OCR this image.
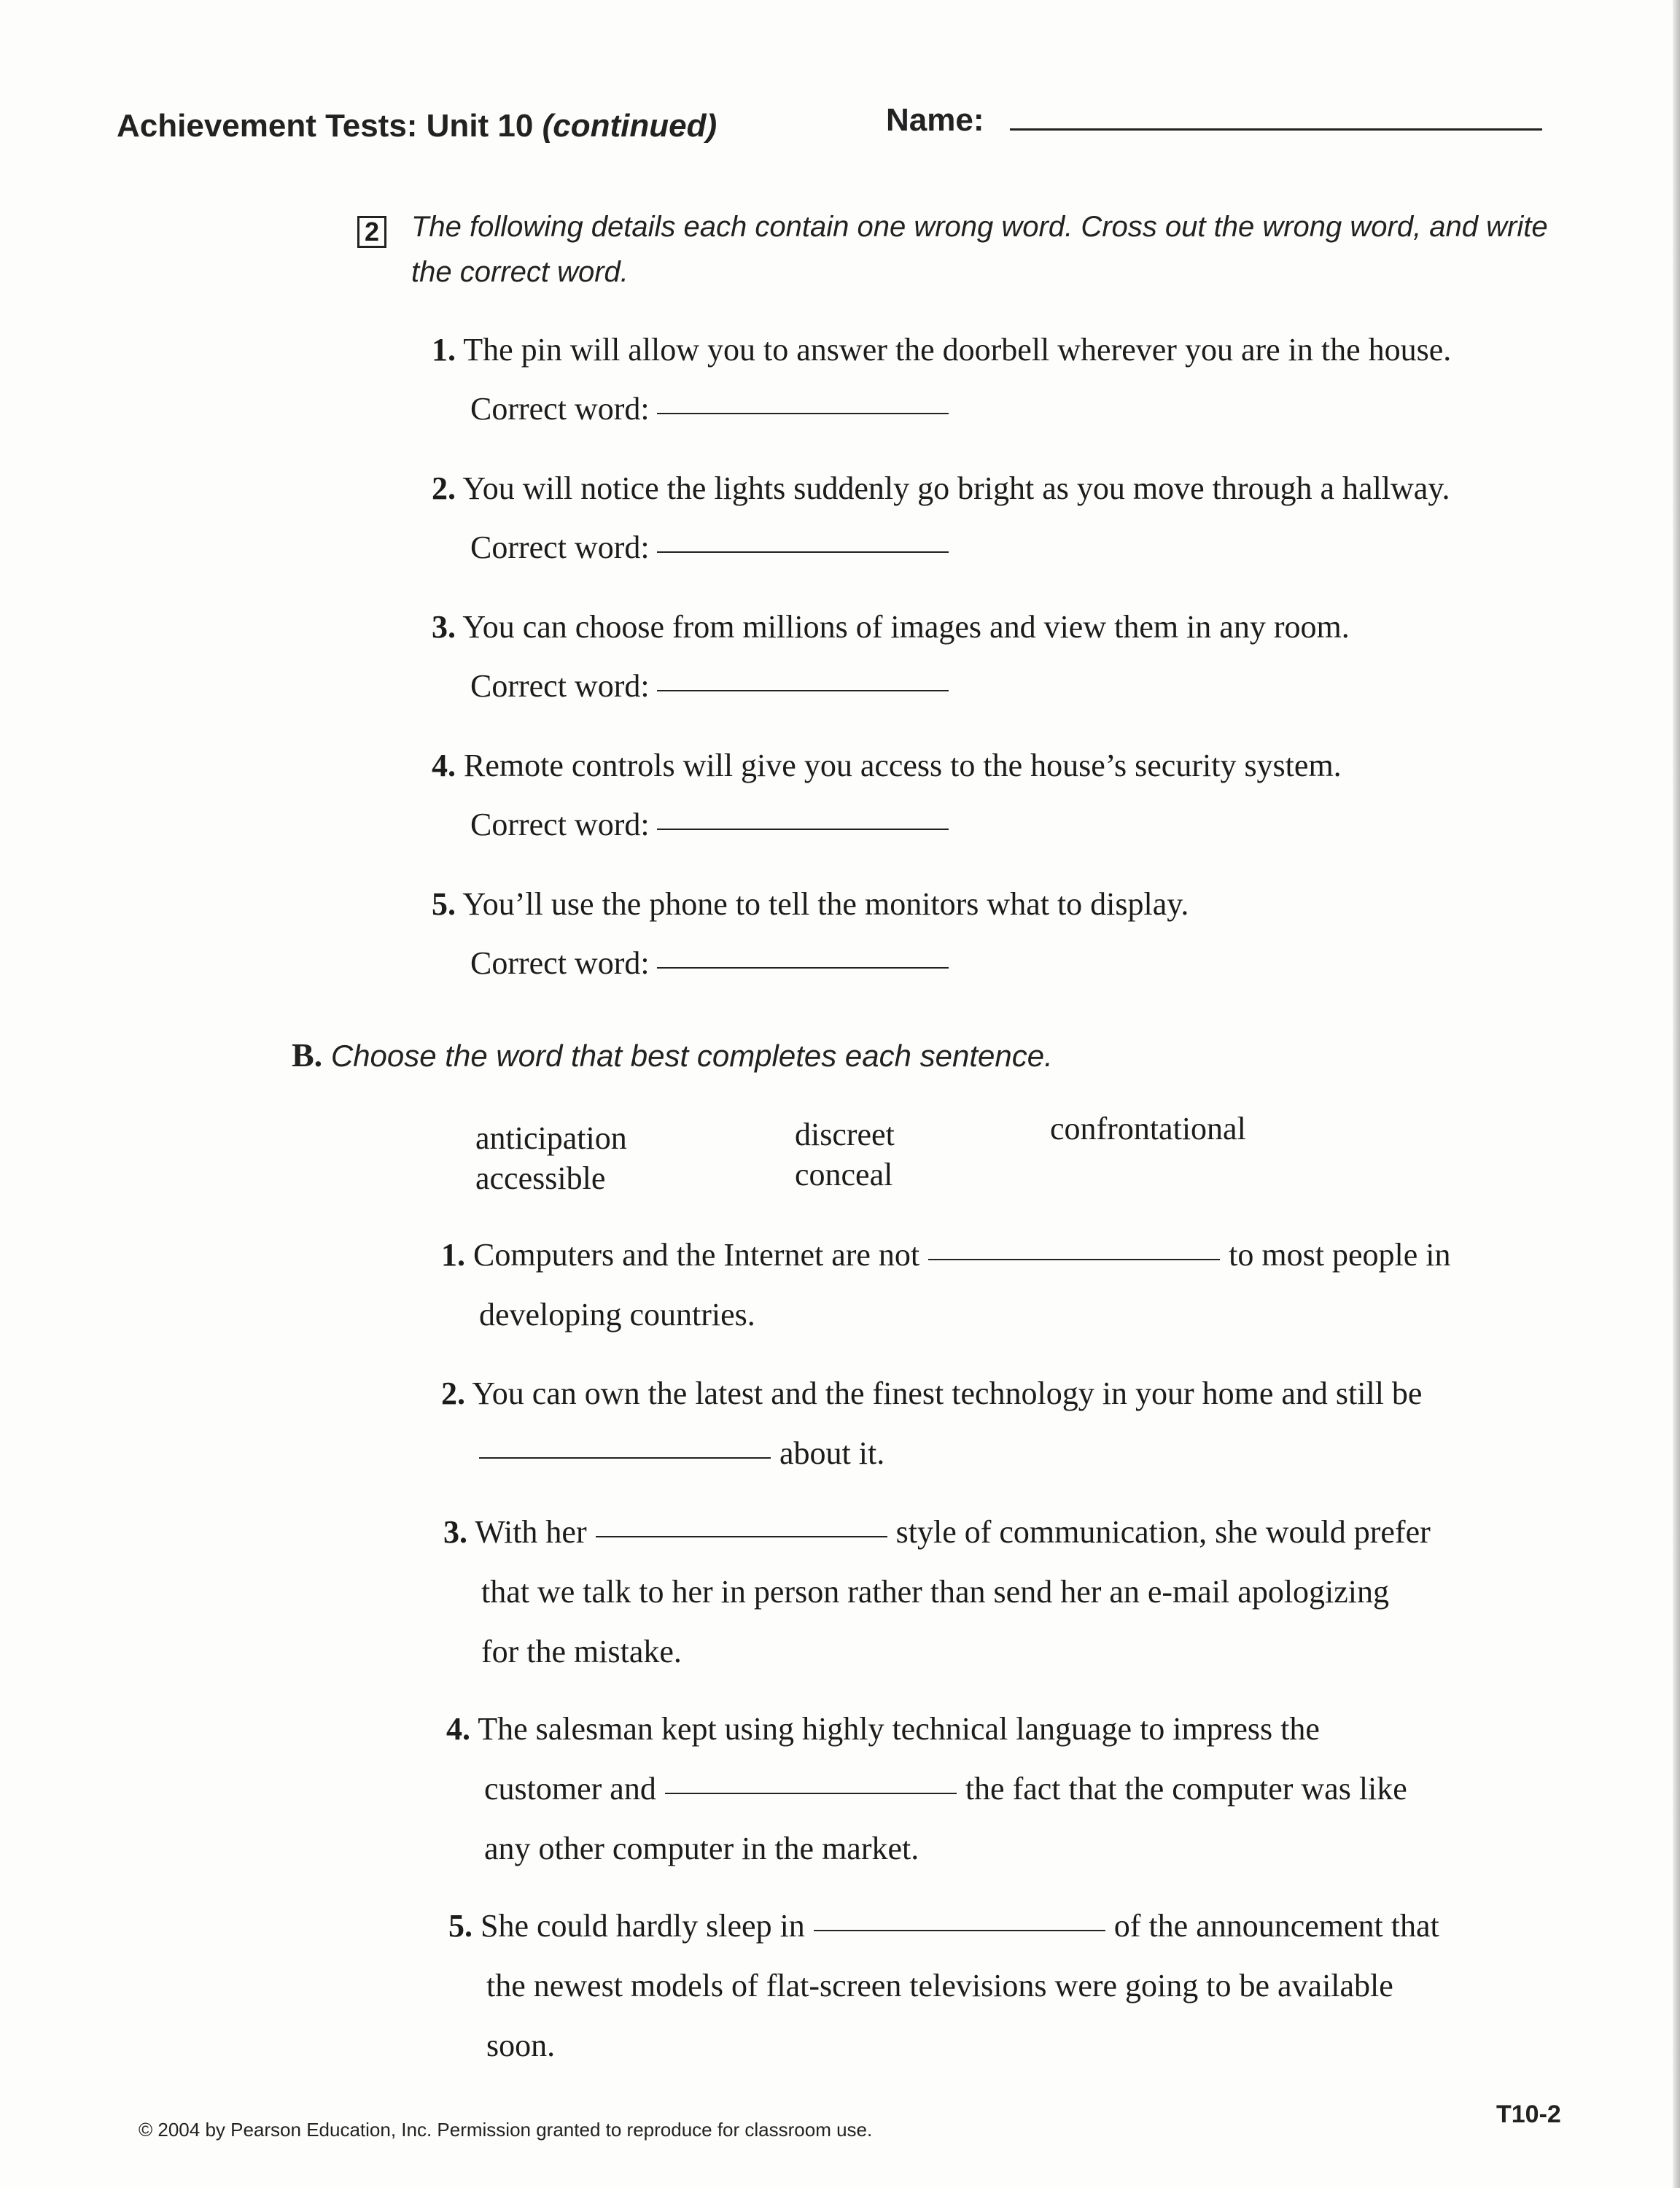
Achievement Tests: Unit 10 (continued)	Name:
2 The following details each contain one wrong word. Cross out the wrong word, and write the correct word.
1. The pin will allow you to answer the doorbell wherever you are in the house.
Correct word:
2. You will notice the lights suddenly go bright as you move through a hallway.
Correct word:
3. You can choose from millions of images and view them in any room.
Correct word:
4. Remote controls will give you access to the house’s security system.
Correct word:
5. You’ll use the phone to tell the monitors what to display.
Correct word:
B. Choose the word that best completes each sentence.
anticipation
accessible
discreet
conceal
confrontational
1. Computers and the Internet are not	to most people in
developing countries.
2. You can own the latest and the finest technology in your home and still be
about it.
3. With her	style of communication, she would prefer
that we talk to her in person rather than send her an e-mail apologizing
for the mistake.
4. The salesman kept using highly technical language to impress the
customer and	the fact that the computer was like
any other computer in the market.
5. She could hardly sleep in	of the announcement that
the newest models of flat-screen televisions were going to be available
soon.
© 2004 by Pearson Education, Inc. Permission granted to reproduce for classroom use.
T10-2
